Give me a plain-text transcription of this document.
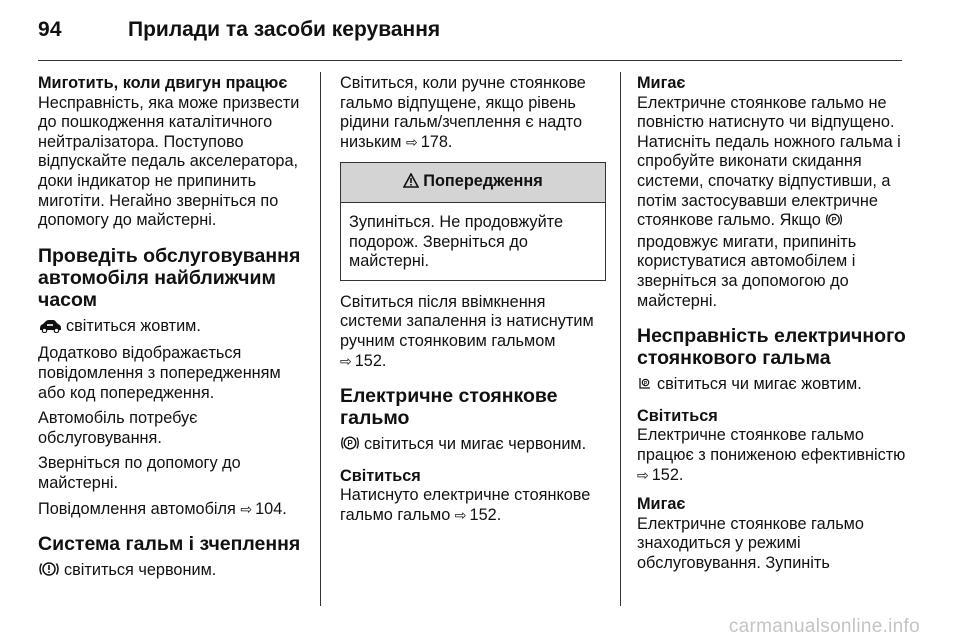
94	Прилади та засоби керування

Миготить, коли двигун працює
Несправність, яка може призвести до пошкодження каталітичного нейтралізатора. Поступово відпускайте педаль акселератора, доки індикатор не припинить миготіти. Негайно зверніться по допомогу до майстерні.

Проведіть обслуговування автомобіля найближчим часом

світиться жовтим.

Додатково відображається повідомлення з попередженням або код попередження.

Автомобіль потребує обслуговування.

Зверніться по допомогу до майстерні.

Повідомлення автомобіля ⇨ 104.

Система гальм і зчеплення

світиться червоним.

Світиться, коли ручне стоянкове гальмо відпущене, якщо рівень рідини гальм/зчеплення є надто низьким ⇨ 178.

Попередження
Зупиніться. Не продовжуйте подорож. Зверніться до майстерні.

Світиться після ввімкнення системи запалення із натиснутим ручним стоянковим гальмом
⇨ 152.

Електричне стоянкове гальмо

P світиться чи мигає червоним.

Світиться

Натиснуто електричне стоянкове гальмо гальмо ⇨ 152.

Мигає

Електричне стоянкове гальмо не повністю натиснуто чи відпущено. Натисніть педаль ножного гальма і спробуйте виконати скидання системи, спочатку відпустивши, а потім застосувавши електричне стоянкове гальмо. Якщо P
продовжує мигати, припиніть користуватися автомобілем і зверніться за допомогою до майстерні.

Несправність електричного стоянкового гальма

P світиться чи мигає жовтим.

Світиться

Електричне стоянкове гальмо працює з пониженою ефективністю
⇨ 152.

Мигає

Електричне стоянкове гальмо знаходиться у режимі обслуговування. Зупиніть

carmanualsonline.info
